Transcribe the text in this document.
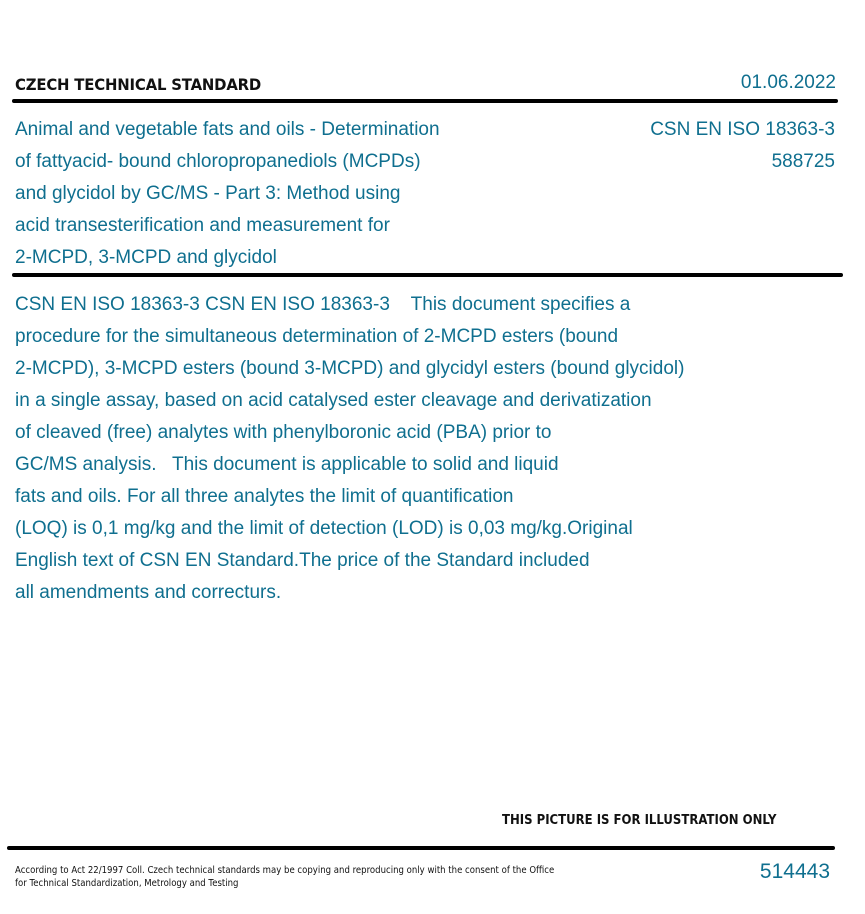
CZECH TECHNICAL STANDARD	01.06.2022
Animal and vegetable fats and oils - Determination
of fattyacid- bound chloropropanediols (MCPDs)
and glycidol by GC/MS - Part 3: Method using
acid transesterification and measurement for
2-MCPD, 3-MCPD and glycidol
CSN EN ISO 18363-3
588725
CSN EN ISO 18363-3 CSN EN ISO 18363-3    This document specifies a
procedure for the simultaneous determination of 2-MCPD esters (bound
2-MCPD), 3-MCPD esters (bound 3-MCPD) and glycidyl esters (bound glycidol)
in a single assay, based on acid catalysed ester cleavage and derivatization
of cleaved (free) analytes with phenylboronic acid (PBA) prior to
GC/MS analysis.   This document is applicable to solid and liquid
fats and oils. For all three analytes the limit of quantification
(LOQ) is 0,1 mg/kg and the limit of detection (LOD) is 0,03 mg/kg.Original
English text of CSN EN Standard.The price of the Standard included
all amendments and correcturs.
THIS PICTURE IS FOR ILLUSTRATION ONLY
According to Act 22/1997 Coll. Czech technical standards may be copying and reproducing only with the consent of the Office
for Technical Standardization, Metrology and Testing	514443
